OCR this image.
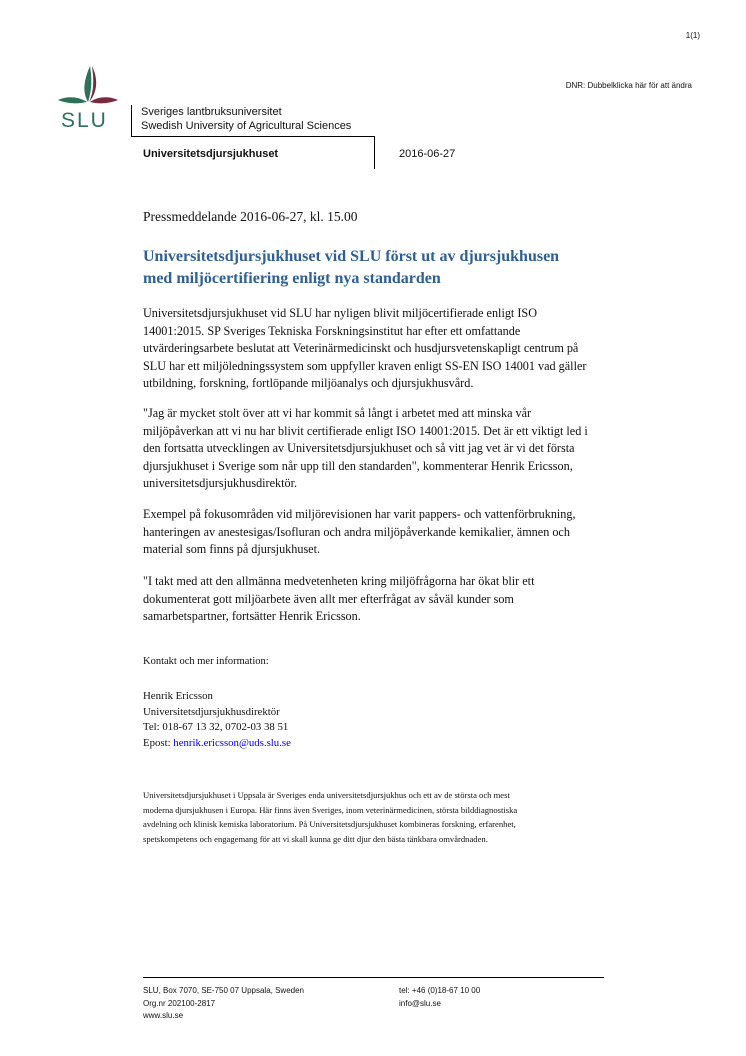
1(1)
DNR: Dubbelklicka här för att ändra
SLU	Sveriges lantbruksuniversitet
Swedish University of Agricultural Sciences
Universitetsdjursjukhuset	2016-06-27
Pressmeddelande 2016-06-27, kl. 15.00
Universitetsdjursjukhuset vid SLU först ut av djursjukhusen
med miljöcertifiering enligt nya standarden
Universitetsdjursjukhuset vid SLU har nyligen blivit miljöcertifierade enligt ISO
14001:2015. SP Sveriges Tekniska Forskningsinstitut har efter ett omfattande
utvärderingsarbete beslutat att Veterinärmedicinskt och husdjursvetenskapligt centrum på
SLU har ett miljöledningssystem som uppfyller kraven enligt SS-EN ISO 14001 vad gäller
utbildning, forskning, fortlöpande miljöanalys och djursjukhusvård.
"Jag är mycket stolt över att vi har kommit så långt i arbetet med att minska vår
miljöpåverkan att vi nu har blivit certifierade enligt ISO 14001:2015. Det är ett viktigt led i
den fortsatta utvecklingen av Universitetsdjursjukhuset och så vitt jag vet är vi det första
djursjukhuset i Sverige som når upp till den standarden", kommenterar Henrik Ericsson,
universitetsdjursjukhusdirektör.
Exempel på fokusområden vid miljörevisionen har varit pappers- och vattenförbrukning,
hanteringen av anestesigas/Isofluran och andra miljöpåverkande kemikalier, ämnen och
material som finns på djursjukhuset.
"I takt med att den allmänna medvetenheten kring miljöfrågorna har ökat blir ett
dokumenterat gott miljöarbete även allt mer efterfrågat av såväl kunder som
samarbetspartner, fortsätter Henrik Ericsson.
Kontakt och mer information:
Henrik Ericsson
Universitetsdjursjukhusdirektör
Tel: 018-67 13 32, 0702-03 38 51
Epost: henrik.ericsson@uds.slu.se
Universitetsdjursjukhuset i Uppsala är Sveriges enda universitetsdjursjukhus och ett av de största och mest
moderna djursjukhusen i Europa. Här finns även Sveriges, inom veterinärmedicinen, största bilddiagnostiska
avdelning och klinisk kemiska laboratorium. På Universitetsdjursjukhuset kombineras forskning, erfarenhet,
spetskompetens och engagemang för att vi skall kunna ge ditt djur den bästa tänkbara omvårdnaden.
SLU, Box 7070, SE-750 07 Uppsala, Sweden
Org.nr 202100-2817
www.slu.se
tel: +46 (0)18-67 10 00
info@slu.se
